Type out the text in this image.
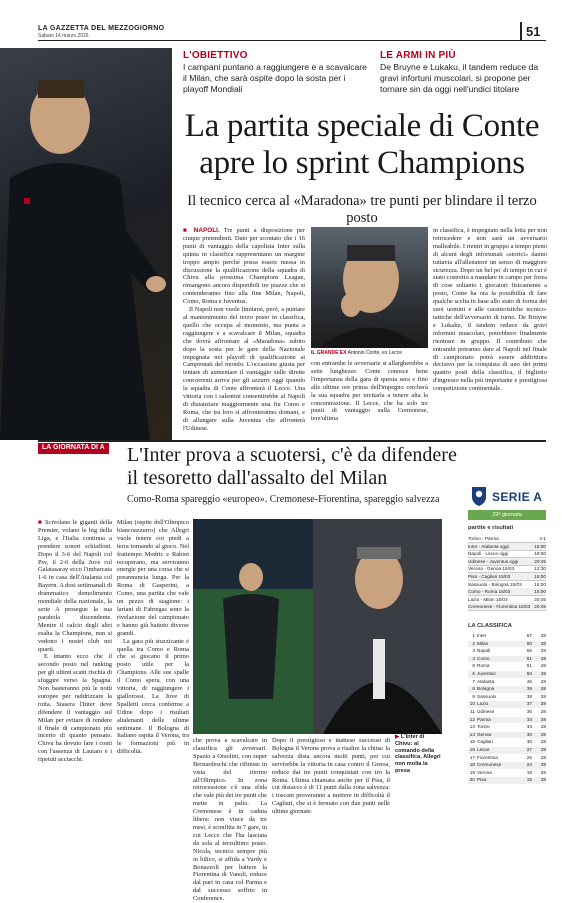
LA GAZZETTA DEL MEZZOGIORNO
Sabato 14 marzo 2026	51
L'OBIETTIVO
I campani puntano a raggiungere e a scavalcare il Milan, che sarà ospite dopo la sosta per i playoff Mondiali
LE ARMI IN PIÙ
De Bruyne e Lukaku, il tandem reduce da gravi infortuni muscolari, si propone per tornare sin da oggi nell'undici titolare
La partita speciale di Conte
apre lo sprint Champions
Il tecnico cerca al «Maradona» tre punti per blindare il terzo posto
■ NAPOLI. Tre punti a disposizione per cinque pretendenti. Dato per scontato che i 16 punti di vantaggio della capolista Inter sulla quinta in classifica rappresentano un margine troppo ampio perché possa essere messa in discussione la qualificazione della squadra di Chivu alla prossima Champions League, rimangono ancora disponibili tre piazze che si contenderanno fino alla fine Milan, Napoli, Como, Roma e Juventus.

Il Napoli non vuole limitarsi, però, a puntare al mantenimento del terzo posto in classifica, quello che occupa al momento, ma punta a raggiungere e a scavalcare il Milan, squadra che dovrà affrontare al «Maradona» subito dopo la sosta per le gare della Nazionale impegnata nei playoff di qualificazione ai Campionati del mondo. L'occasione giusta per tentare di aumentare il vantaggio sulle dirette concorrenti arriva per gli azzurri oggi quando la squadra di Conte affronterà il Lecce. Una vittoria con i salentini consentirebbe al Napoli di distanziare maggiormente una fra Como e Roma, che tra loro si affronteranno domani, e di allungare sulla Juventus che affronterà l'Udinese.

IL GRANDE EX Antonio Conte, ex Lecce
con entrambe le avversarie si allargherebbe a sette lunghezze. Conte conosce bene l'importanza della gara di questa sera e fino alle ultime ore prima dell'impegno cercherà la sua squadra per invitarla a tenere alta la concentrazione. Il Lecce, che ha solo tre punti di vantaggio sulla Cremonese, terz'ultima
in classifica, è impegnato nella lotta per non retrocedere e non sarà un avversario malleabile. I rientri in gruppo a tempo pieno di alcuni degli infortunati «storici» danno tuttavia all'allenatore un senso di maggiore sicurezza. Dopo un bel po' di tempo in cui è stato costretto a mandare in campo per forza di cose soltanto i giocatori fisicamente a posto, Conte ha ora la possibilità di fare qualche scelta in base allo stato di forma dei suoi uomini e alle caratteristiche tecnico-tattiche dell'avversario di turno. De Bruyne e Lukaku, il tandem reduce da gravi infortuni muscolari, potrebbero finalmente rientrare in gruppo. Il contributo che entrambi potranno dare al Napoli nel finale di campionato potrà essere addirittura decisivo per la conquista di uno dei primi quattro posti della classifica, il biglietto d'ingresso nella più importante e prestigiosa competizione continentale.
LA GIORNATA DI A L'Inter prova a scuotersi, c'è da difendere
il tesoretto dall'assalto del Milan
Como-Roma spareggio «europeo». Cremonese-Fiorentina, spareggio salvezza
■ Scivolano le giganti della Premier, volano le big della Liga, e l'Italia continua a prendere sonori schiaffoni. Dopo il 3-6 del Napoli col Psv, il 2-6 della Juve col Galatasaray ecco l'imbarcata 1-6 in casa dell'Atalanta col Bayern. A dosi settimanali di drammatico demolimento mondiale della nazionale, la serie A prosegue la sua parabola discendente. Mentre il calcio degli altri esalta la Champions, non si vedono i nostri club nei quarti.

E intanto ecco che il secondo posto nel ranking per gli ultimi scatti rischia di sfuggire verso la Spagna. Non basteranno più le notti europee per raddrizzare la rotta. Stasera l'Inter deve difendere il vantaggio sul Milan per evitare di rendere il finale di campionato più incerto di quanto pensato. Chivu ha dovuto fare i conti con l'assenza di Lautaro e i ripetuti acciacchi.

Milan (ospite dell'Olimpico biancoazzurro) che Allegri vuole tenere coi piedi a terra tornando al gioco. Nel frattempo Modric e Rabiot recuperano, ma serviranno energie per una corsa che si preannuncia lunga. Per la Roma di Gasperini, a Como, una partita che vale un pezzo di stagione: i lariani di Fabregas sono la rivelazione del campionato e hanno già battuto diverse grandi.

La gara più stuzzicante è quella tra Como e Roma che si giocano il primo posto utile per la Champions. Alle sue spalle il Como spera, con una vittoria, di raggiungere i giallorossi. La Juve di Spalletti cerca conferme a Udine dopo i risultati altalenanti delle ultime settimane. Il Bologna di Italiano ospita il Verona, tra le formazioni più in difficoltà.

che prova a scavalcare in classifica gli avversari. Spazio a Orsolini, con super Bernardeschi che rifiniste in vista del ritorno all'Olimpico. In zona retrocessione c'è una sfida che vale più dei tre punti che mette in palio. La Cremonese è in caduta libera: non vince da tre mesi, è sconfitta in 7 gare, in cui Lecce che l'ha lasciata da sola al terzultimo posto. Nicola, tecnico sempre più in bilico, si affida a Vardy e Bonazzoli per battere la Fiorentina di Vanoli, reduce dal pari in casa col Parma e dal successo soffrto in Conference.
Dopo il prestigioso e inatteso successo di Bologna il Verona prova a risalire la china: la salvezza dista ancora molti punti, per cui servirebbe la vittoria in casa contro il Genoa, reduce dai tre punti conquistati con tro la Roma. Ultima chiamata anche per il Pisa, il cui distacco è di 11 punti dalla zona salvezza: i toscani proveranno a mettere in difficoltà il Cagliari, che si è fermato con due punti nelle ultime giornate.
▶ L'Inter di Chivu: al comando della classifica. Allegri non molla la presa
SERIE A
29ª giornata
partite e risultati
Torino - Parma	4-1
Inter - Atalanta oggi	15:00
Napoli - Lecce oggi	18:00
Udinese - Juventus oggi	20:45
Verona - Genoa 15/03	12:30
Pisa - Cagliari 15/03	15:00
Sassuolo - Bologna 15/03	15:00
Como - Roma 15/03	18:00
Lazio - Milan 15/03	20:45
Cremonese - Fiorentina 16/03 20:45
LA CLASSIFICA
1 Inter	67	28
2 Milan	60	28
3 Napoli	56	28
4 Como	51	28
5 Roma	51	28
6 Juventus	50	28
7 Atalanta	46	28
8 Bologna	39	28
9 Sassuolo	38	28
10 Lazio	37	28
11 Udinese	36	28
12 Parma	34	28
13 Torino	33	28
14 Genoa	30	28
15 Cagliari	30	28
16 Lecce	27	28
17 Fiorentina	25	28
18 Cremonese	24	28
19 Verona	18	28
20 Pisa	15	28
